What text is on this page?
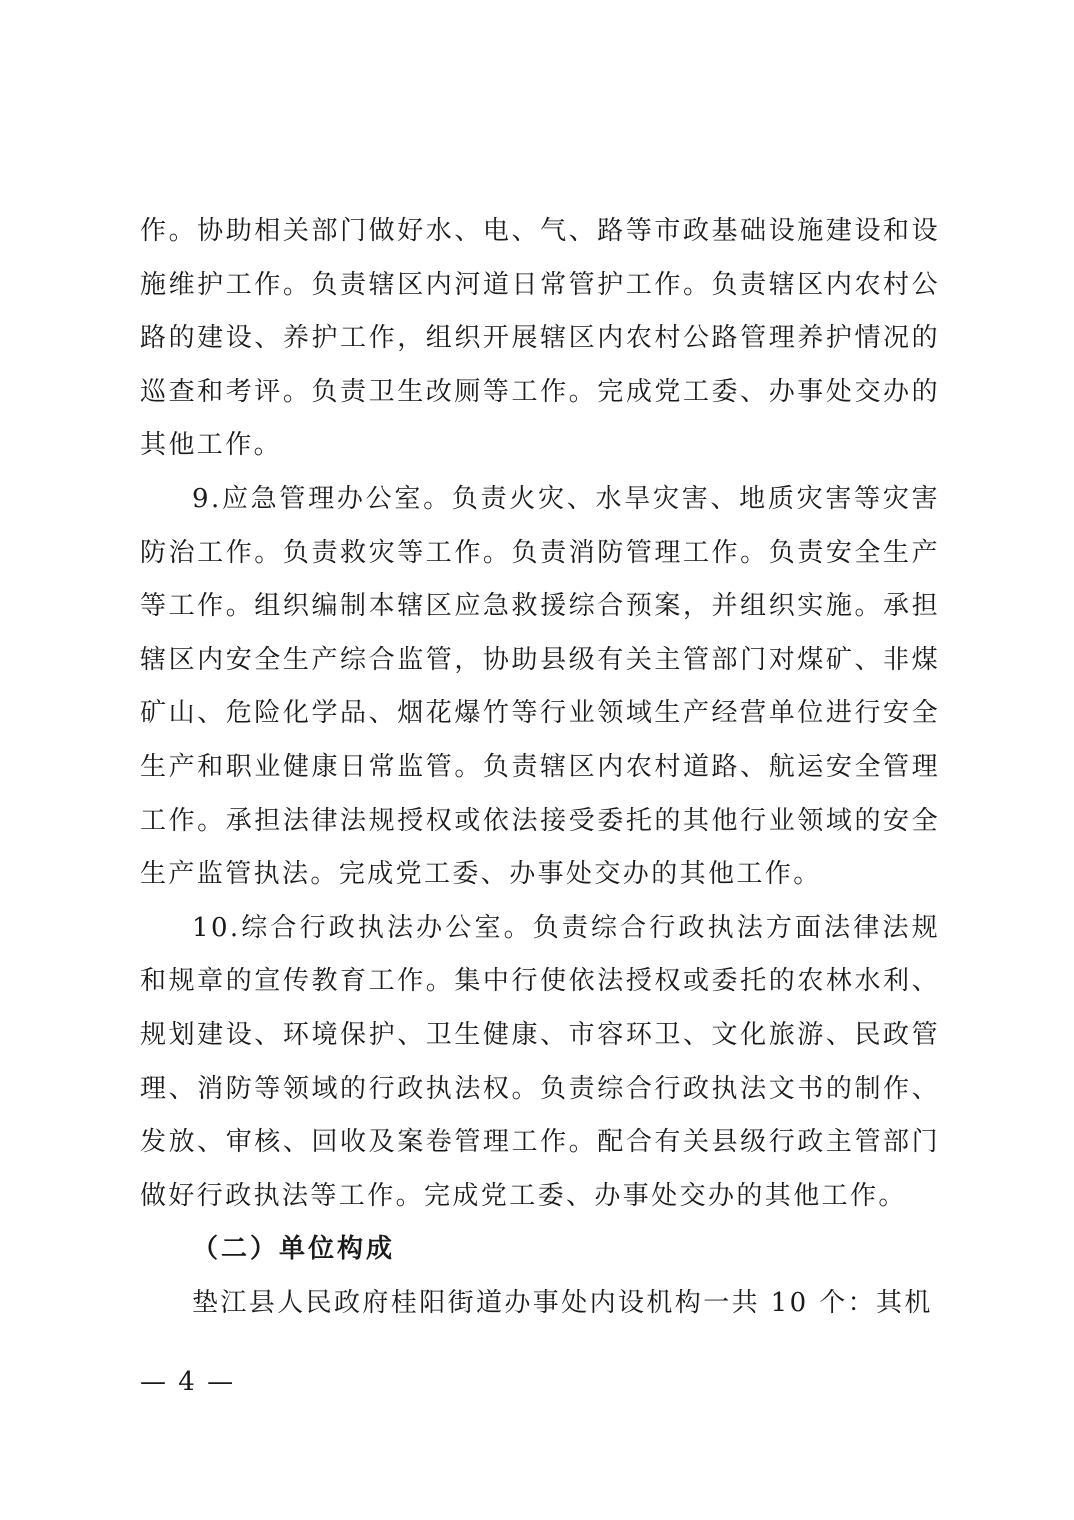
作。协助相关部门做好水、电、气、路等市政基础设施建设和设施维护工作。负责辖区内河道日常管护工作。负责辖区内农村公路的建设、养护工作，组织开展辖区内农村公路管理养护情况的巡查和考评。负责卫生改厕等工作。完成党工委、办事处交办的其他工作。

9.应急管理办公室。负责火灾、水旱灾害、地质灾害等灾害防治工作。负责救灾等工作。负责消防管理工作。负责安全生产等工作。组织编制本辖区应急救援综合预案，并组织实施。承担辖区内安全生产综合监管，协助县级有关主管部门对煤矿、非煤矿山、危险化学品、烟花爆竹等行业领域生产经营单位进行安全生产和职业健康日常监管。负责辖区内农村道路、航运安全管理工作。承担法律法规授权或依法接受委托的其他行业领域的安全生产监管执法。完成党工委、办事处交办的其他工作。

10.综合行政执法办公室。负责综合行政执法方面法律法规和规章的宣传教育工作。集中行使依法授权或委托的农林水利、规划建设、环境保护、卫生健康、市容环卫、文化旅游、民政管理、消防等领域的行政执法权。负责综合行政执法文书的制作、发放、审核、回收及案卷管理工作。配合有关县级行政主管部门做好行政执法等工作。完成党工委、办事处交办的其他工作。

（二）单位构成

垫江县人民政府桂阳街道办事处内设机构一共 10 个：其机

— 4 —
